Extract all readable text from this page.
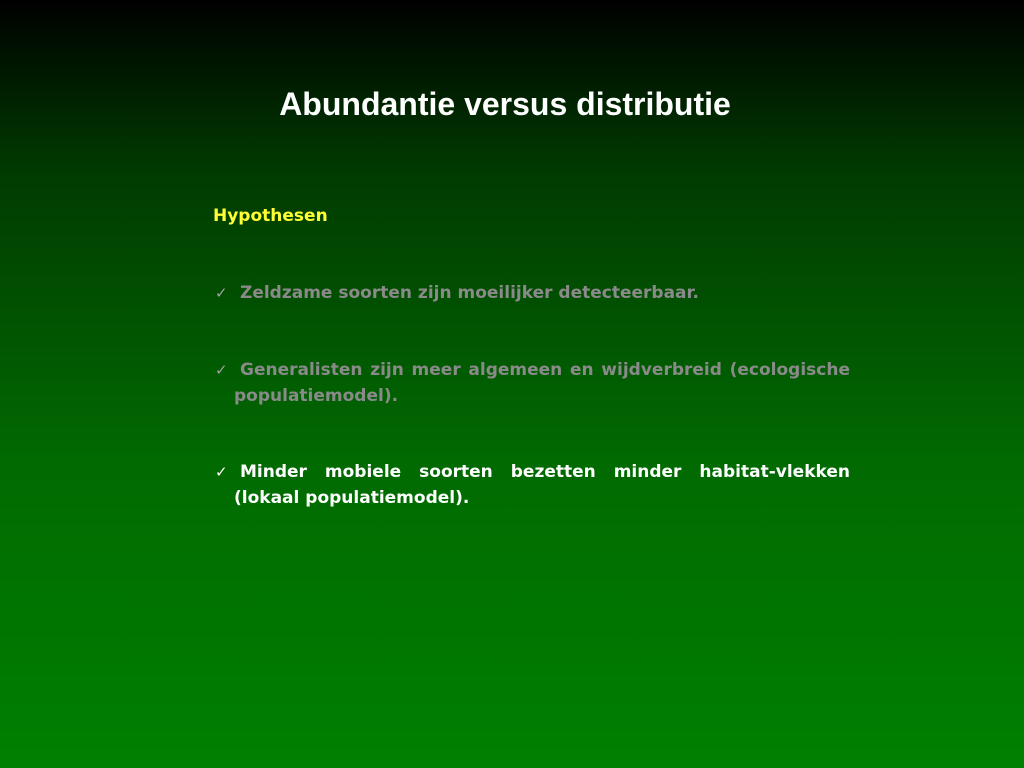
Abundantie versus distributie

Hypothesen

✓ Zeldzame soorten zijn moeilijker detecteerbaar.
✓ Generalisten zijn meer algemeen en wijdverbreid (ecologische populatiemodel).
✓ Minder mobiele soorten bezetten minder habitat-vlekken (lokaal populatiemodel).
